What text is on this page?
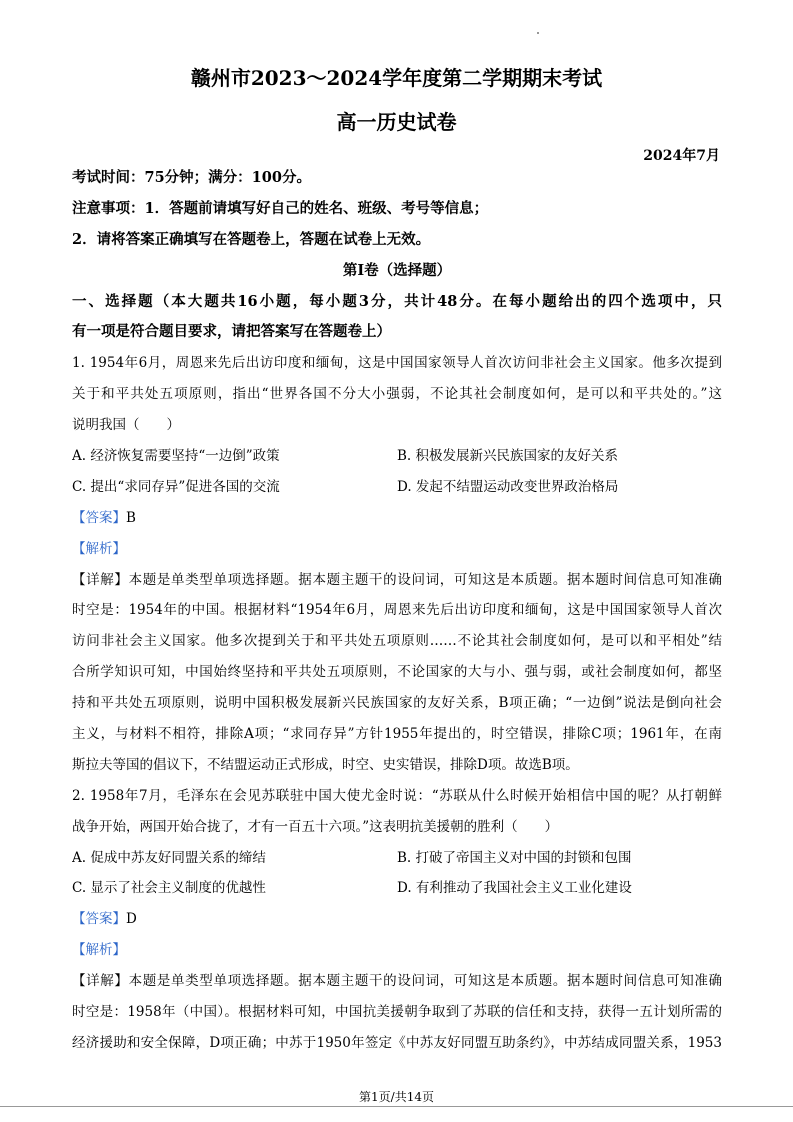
赣州市2023～2024学年度第二学期期末考试
高一历史试卷
2024年7月
考试时间：75分钟；满分：100分。
注意事项：1．答题前请填写好自己的姓名、班级、考号等信息；
2．请将答案正确填写在答题卷上，答题在试卷上无效。
第Ⅰ卷（选择题）
一、选择题（本大题共16小题，每小题3分，共计48分。在每小题给出的四个选项中，只
有一项是符合题目要求，请把答案写在答题卷上）
1. 1954年6月，周恩来先后出访印度和缅甸，这是中国国家领导人首次访问非社会主义国家。他多次提到
关于和平共处五项原则，指出“世界各国不分大小强弱，不论其社会制度如何，是可以和平共处的。”这
说明我国（　　）
A. 经济恢复需要坚持“一边倒”政策	B. 积极发展新兴民族国家的友好关系
C. 提出“求同存异”促进各国的交流	D. 发起不结盟运动改变世界政治格局
【答案】B
【解析】
【详解】本题是单类型单项选择题。据本题主题干的设问词，可知这是本质题。据本题时间信息可知准确
时空是：1954年的中国。根据材料“1954年6月，周恩来先后出访印度和缅甸，这是中国国家领导人首次
访问非社会主义国家。他多次提到关于和平共处五项原则……不论其社会制度如何，是可以和平相处”结
合所学知识可知，中国始终坚持和平共处五项原则，不论国家的大与小、强与弱，或社会制度如何，都坚
持和平共处五项原则，说明中国积极发展新兴民族国家的友好关系，B项正确；“一边倒”说法是倒向社会
主义，与材料不相符，排除A项；“求同存异”方针1955年提出的，时空错误，排除C项；1961年，在南
斯拉夫等国的倡议下，不结盟运动正式形成，时空、史实错误，排除D项。故选B项。
2. 1958年7月，毛泽东在会见苏联驻中国大使尤金时说：“苏联从什么时候开始相信中国的呢？从打朝鲜
战争开始，两国开始合拢了，才有一百五十六项。”这表明抗美援朝的胜利（　　）
A. 促成中苏友好同盟关系的缔结	B. 打破了帝国主义对中国的封锁和包围
C. 显示了社会主义制度的优越性	D. 有利推动了我国社会主义工业化建设
【答案】D
【解析】
【详解】本题是单类型单项选择题。据本题主题干的设问词，可知这是本质题。据本题时间信息可知准确
时空是：1958年（中国）。根据材料可知，中国抗美援朝争取到了苏联的信任和支持，获得一五计划所需的
经济援助和安全保障，D项正确；中苏于1950年签定《中苏友好同盟互助条约》，中苏结成同盟关系，1953
第1页/共14页
